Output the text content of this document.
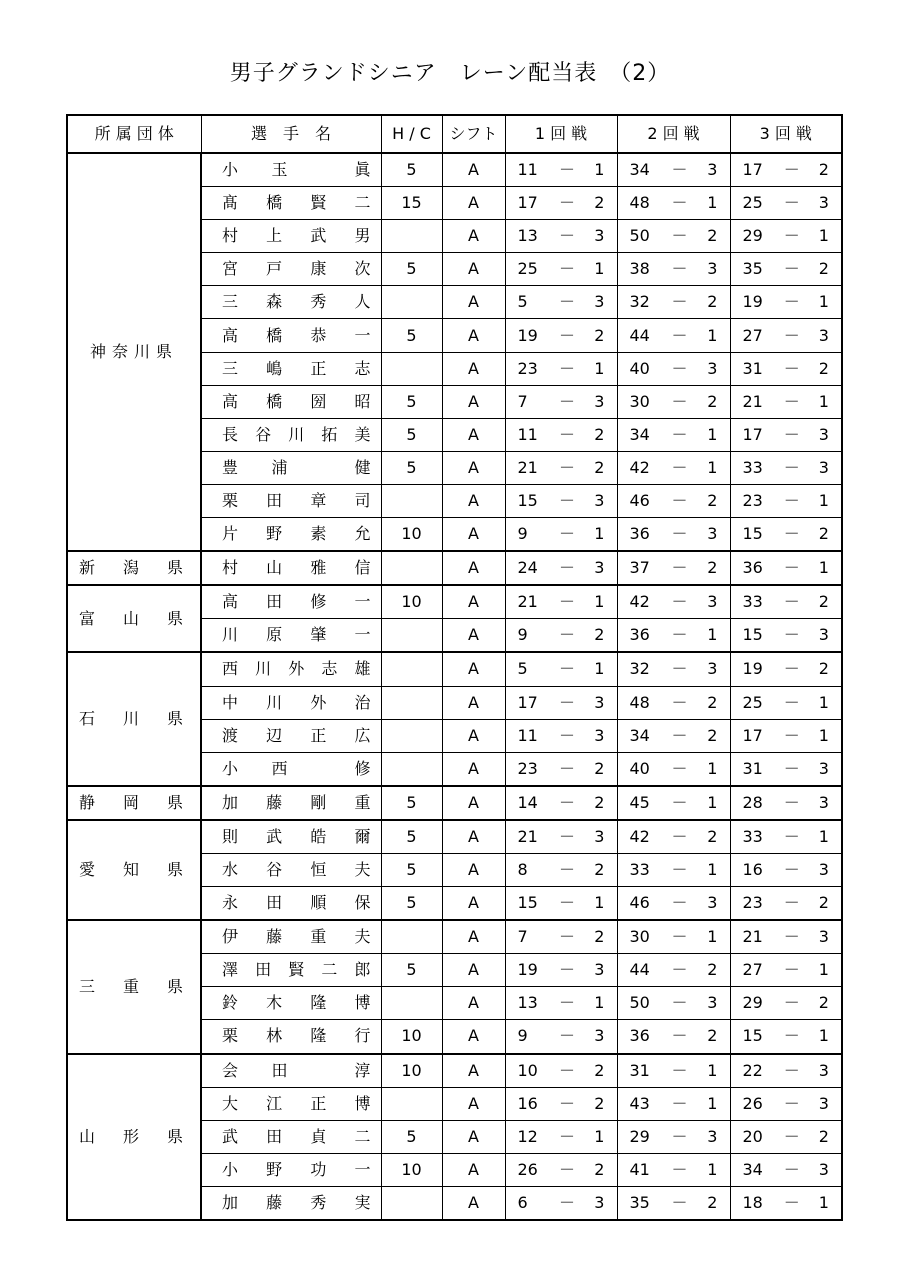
男子グランドシニア　レーン配当表　（2）
所 属 団 体	選　手　名	H / C	シフト	1 回 戦	2 回 戦	3 回 戦
神奈川県	小 玉 眞	5	A	11 － 1	34 － 3	17 － 2

	髙 橋 賢 二	15	A	17 － 2	48 － 1	25 － 3

	村 上 武 男		A	13 － 3	50 － 2	29 － 1

	宮 戸 康 次	5	A	25 － 1	38 － 3	35 － 2

	三 森 秀 人		A	5 － 3	32 － 2	19 － 1

	高 橋 恭 一	5	A	19 － 2	44 － 1	27 － 3

	三 嶋 正 志		A	23 － 1	40 － 3	31 － 2

	高 橋 圀 昭	5	A	7 － 3	30 － 2	21 － 1

	長 谷 川 拓 美	5	A	11 － 2	34 － 1	17 － 3

	豊 浦 健	5	A	21 － 2	42 － 1	33 － 3

	栗 田 章 司		A	15 － 3	46 － 2	23 － 1

	片 野 素 允	10	A	9 － 1	36 － 3	15 － 2

新　潟　県	村 山 雅 信		A	24 － 3	37 － 2	36 － 1

富　山　県	高 田 修 一	10	A	21 － 1	42 － 3	33 － 2

	川 原 肇 一		A	9 － 2	36 － 1	15 － 3

石　川　県	西 川 外 志 雄		A	5 － 1	32 － 3	19 － 2

	中 川 外 治		A	17 － 3	48 － 2	25 － 1

	渡 辺 正 広		A	11 － 3	34 － 2	17 － 1

	小 西 修		A	23 － 2	40 － 1	31 － 3

静　岡　県	加 藤 剛 重	5	A	14 － 2	45 － 1	28 － 3

愛　知　県	則 武 皓 爾	5	A	21 － 3	42 － 2	33 － 1

	水 谷 恒 夫	5	A	8 － 2	33 － 1	16 － 3

	永 田 順 保	5	A	15 － 1	46 － 3	23 － 2

三　重　県	伊 藤 重 夫		A	7 － 2	30 － 1	21 － 3

	澤 田 賢 二 郎	5	A	19 － 3	44 － 2	27 － 1

	鈴 木 隆 博		A	13 － 1	50 － 3	29 － 2

	栗 林 隆 行	10	A	9 － 3	36 － 2	15 － 1

山　形　県	会 田 淳	10	A	10 － 2	31 － 1	22 － 3

	大 江 正 博		A	16 － 2	43 － 1	26 － 3

	武 田 貞 二	5	A	12 － 1	29 － 3	20 － 2

	小 野 功 一	10	A	26 － 2	41 － 1	34 － 3

	加 藤 秀 実		A	6 － 3	35 － 2	18 － 1
